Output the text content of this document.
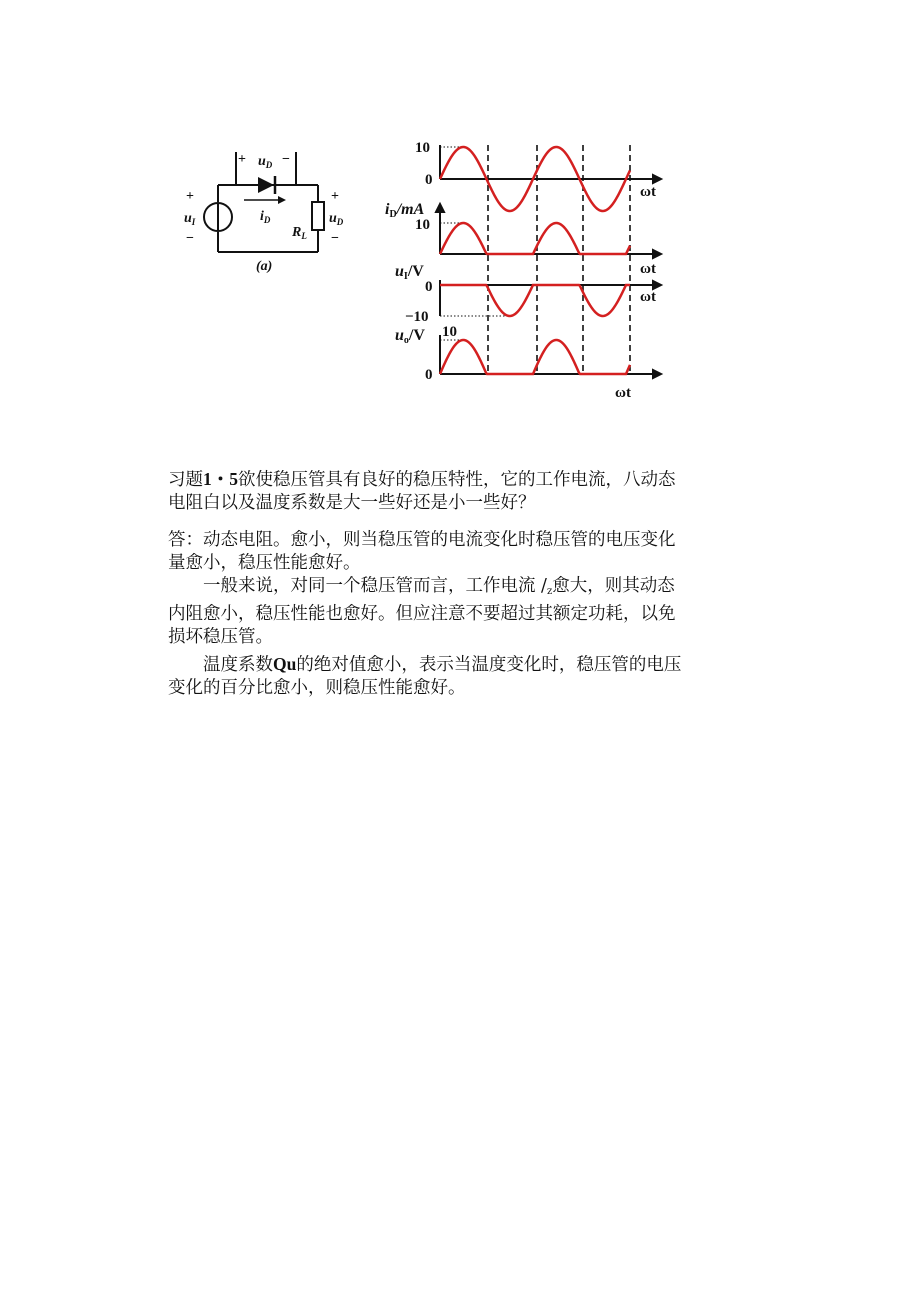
+	−
$u_D$
$i_D$
+
$u_I$
−
+
$u_D$
−
$R_L$
(a)
10
0
ωt
iD/mA
10
ωt
uI/V
0
−10
ωt
uo/V 10
0
ωt

习题1・5欲使稳压管具有良好的稳压特性，它的工作电流，八动态电阻白以及温度系数是大一些好还是小一些好？

答：动态电阻。愈小，则当稳压管的电流变化时稳压管的电压变化量愈小，稳压性能愈好。

一般来说，对同一个稳压管而言，工作电流 $/_z$愈大，则其动态内阻愈小，稳压性能也愈好。但应注意不要超过其额定功耗，以免损坏稳压管。

温度系数Qu的绝对值愈小，表示当温度变化时，稳压管的电压变化的百分比愈小，则稳压性能愈好。
